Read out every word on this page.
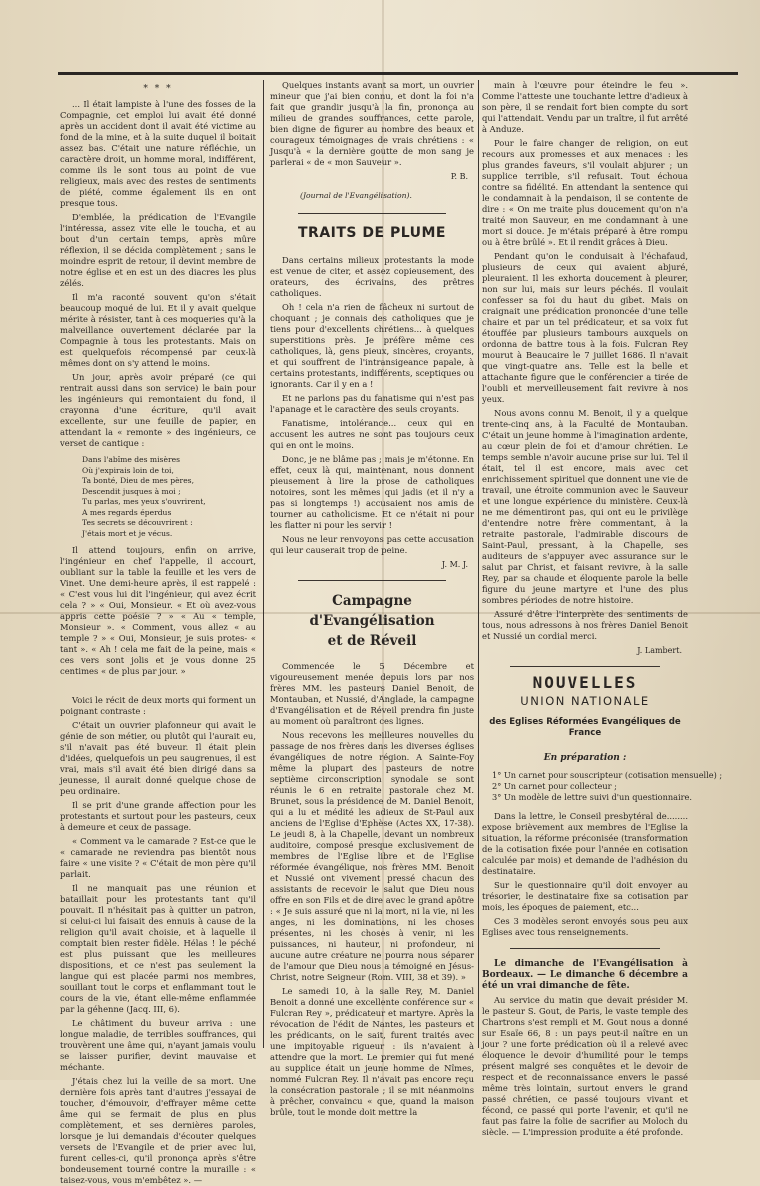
* * *

... Il était lampiste à l'une des fosses de la Compagnie, cet emploi lui avait été donné après un accident dont il avait été victime au fond de la mine, et à la suite duquel il boitait assez bas. C'était une nature réfléchie, un caractère droit, un homme moral, indifférent, comme ils le sont tous au point de vue religieux, mais avec des restes de sentiments de piété, comme également ils en ont presque tous.

D'emblée, la prédication de l'Evangile l'intéressa, assez vite elle le toucha, et au bout d'un certain temps, après mûre réflexion, il se décida complètement ; sans le moindre esprit de retour, il devint membre de notre église et en est un des diacres les plus zélés.

Il m'a raconté souvent qu'on s'était beaucoup moqué de lui. Et il y avait quelque mérite à résister, tant à ces moqueries qu'à la malveillance ouvertement déclarée par la Compagnie à tous les protestants. Mais on est quelquefois récompensé par ceux-là mêmes dont on s'y attend le moins.

Un jour, après avoir préparé (ce qui rentrait aussi dans son service) le bain pour les ingénieurs qui remontaient du fond, il crayonna d'une écriture, qu'il avait excellente, sur une feuille de papier, en attendant la « remonte » des ingénieurs, ce verset de cantique :

Dans l'abîme des misères
Où j'expirais loin de toi,
Ta bonté, Dieu de mes pères,
Descendit jusques à moi ;
Tu parlas, mes yeux s'ouvrirent,
A mes regards éperdus
Tes secrets se découvrirent :
J'étais mort et je vécus.

Il attend toujours, enfin on arrive, l'ingénieur en chef l'appelle, il accourt, oubliant sur la table la feuille et les vers de Vinet. Une demi-heure après, il est rappelé : « C'est vous lui dit l'ingénieur, qui avez écrit cela ? » « Oui, Monsieur. « Et où avez-vous appris cette poésie ? » « Au « temple, Monsieur ». « Comment, vous allez « au temple ? » « Oui, Monsieur, je suis protes- « tant ». « Ah ! cela me fait de la peine, mais « ces vers sont jolis et je vous donne 25 centimes « de plus par jour. »

Voici le récit de deux morts qui forment un poignant contraste :

C'était un ouvrier plafonneur qui avait le génie de son métier, ou plutôt qui l'aurait eu, s'il n'avait pas été buveur. Il était plein d'idées, quelquefois un peu saugrenues, il est vrai, mais s'il avait été bien dirigé dans sa jeunesse, il aurait donné quelque chose de peu ordinaire.

Il se prit d'une grande affection pour les protestants et surtout pour les pasteurs, ceux à demeure et ceux de passage.

« Comment va le camarade ? Est-ce que le « camarade ne reviendra pas bientôt nous faire « une visite ? « C'était de mon père qu'il parlait.

Il ne manquait pas une réunion et bataillait pour les protestants tant qu'il pouvait. Il n'hésitait pas à quitter un patron, si celui-ci lui faisait des ennuis à cause de la religion qu'il avait choisie, et à laquelle il comptait bien rester fidèle. Hélas ! le péché est plus puissant que les meilleures dispositions, et ce n'est pas seulement la langue qui est placée parmi nos membres, souillant tout le corps et enflammant tout le cours de la vie, étant elle-même enflammée par la géhenne (Jacq. III, 6).

Le châtiment du buveur arriva : une longue maladie, de terribles souffrances, qui trouvèrent une âme qui, n'ayant jamais voulu se laisser purifier, devint mauvaise et méchante.

J'étais chez lui la veille de sa mort. Une dernière fois après tant d'autres j'essayai de toucher, d'émouvoir, d'effrayer même cette âme qui se fermait de plus en plus complètement, et ses dernières paroles, lorsque je lui demandais d'écouter quelques versets de l'Evangile et de prier avec lui, furent celles-ci, qu'il prononça après s'être bondeusement tourné contre la muraille : « taisez-vous, vous m'embêtez ». —

Quelques instants avant sa mort, un ouvrier mineur que j'ai bien connu, et dont la foi n'a fait que grandir jusqu'à la fin, prononça au milieu de grandes souffrances, cette parole, bien digne de figurer au nombre des beaux et courageux témoignages de vrais chrétiens : « Jusqu'à « la dernière goutte de mon sang je parlerai « de « mon Sauveur ».

P. B.
(Journal de l'Evangélisation).
TRAITS DE PLUME

Dans certains milieux protestants la mode est venue de citer, et assez copieusement, des orateurs, des écrivains, des prêtres catholiques.

Oh ! cela n'a rien de fâcheux ni surtout de choquant ; je connais des catholiques que je tiens pour d'excellents chrétiens... à quelques superstitions près. Je préfère même ces catholiques, là, gens pieux, sincères, croyants, et qui souffrent de l'intransigeance papale, à certains protestants, indifférents, sceptiques ou ignorants. Car il y en a !

Et ne parlons pas du fanatisme qui n'est pas l'apanage et le caractère des seuls croyants.

Fanatisme, intolérance... ceux qui en accusent les autres ne sont pas toujours ceux qui en ont le moins.

Donc, je ne blâme pas ; mais je m'étonne. En effet, ceux là qui, maintenant, nous donnent pieusement à lire la prose de catholiques notoires, sont les mêmes qui jadis (et il n'y a pas si longtemps !) accusaient nos amis de tourner au catholicisme. Et ce n'était ni pour les flatter ni pour les servir !

Nous ne leur renvoyons pas cette accusation qui leur causerait trop de peine.

J. M. J.
Campagne d'Evangélisation
et de Réveil

Commencée le 5 Décembre et vigoureusement menée depuis lors par nos frères MM. les pasteurs Daniel Benoit, de Montauban, et Nussié, d'Anglade, la campagne d'Evangélisation et de Réveil prendra fin juste au moment où paraîtront ces lignes.

Nous recevons les meilleures nouvelles du passage de nos frères dans les diverses églises évangéliques de notre région. A Sainte-Foy même la plupart des pasteurs de notre septième circonscription synodale se sont réunis le 6 en retraite pastorale chez M. Brunet, sous la présidence de M. Daniel Benoit, qui a lu et médité les adieux de St-Paul aux anciens de l'Eglise d'Ephèse (Actes XX, 17-38). Le jeudi 8, à la Chapelle, devant un nombreux auditoire, composé presque exclusivement de membres de l'Eglise libre et de l'Eglise réformée évangélique, nos frères MM. Benoit et Nussié ont vivement pressé chacun des assistants de recevoir le salut que Dieu nous offre en son Fils et de dire avec le grand apôtre : « Je suis assuré que ni la mort, ni la vie, ni les anges, ni les dominations, ni les choses présentes, ni les choses à venir, ni les puissances, ni hauteur, ni profondeur, ni aucune autre créature ne pourra nous séparer de l'amour que Dieu nous a témoigné en Jésus-Christ, notre Seigneur (Rom. VIII, 38 et 39). »

Le samedi 10, à la salle Rey, M. Daniel Benoit a donné une excellente conférence sur « Fulcran Rey », prédicateur et martyre. Après la révocation de l'édit de Nantes, les pasteurs et les prédicants, on le sait, furent traités avec une impitoyable rigueur : ils n'avaient à attendre que la mort. Le premier qui fut mené au supplice était un jeune homme de Nîmes, nommé Fulcran Rey. Il n'avait pas encore reçu la consécration pastorale ; il se mit néanmoins à prêcher, convaincu « que, quand la maison brûle, tout le monde doit mettre la

main à l'œuvre pour éteindre le feu ». Comme l'atteste une touchante lettre d'adieux à son père, il se rendait fort bien compte du sort qui l'attendait. Vendu par un traître, il fut arrêté à Anduze.

Pour le faire changer de religion, on eut recours aux promesses et aux menaces : les plus grandes faveurs, s'il voulait abjurer ; un supplice terrible, s'il refusait. Tout échoua contre sa fidélité. En attendant la sentence qui le condamnait à la pendaison, il se contente de dire : « On me traite plus doucement qu'on n'a traité mon Sauveur, en me condamnant à une mort si douce. Je m'étais préparé à être rompu ou à être brûlé ». Et il rendit grâces à Dieu.

Pendant qu'on le conduisait à l'échafaud, plusieurs de ceux qui avaient abjuré, pleuraient. Il les exhorta doucement à pleurer, non sur lui, mais sur leurs péchés. Il voulait confesser sa foi du haut du gibet. Mais on craignait une prédication prononcée d'une telle chaire et par un tel prédicateur, et sa voix fut étouffée par plusieurs tambours auxquels on ordonna de battre tous à la fois. Fulcran Rey mourut à Beaucaire le 7 juillet 1686. Il n'avait que vingt-quatre ans. Telle est la belle et attachante figure que le conférencier a tirée de l'oubli et merveilleusement fait revivre à nos yeux.

Nous avons connu M. Benoit, il y a quelque trente-cinq ans, à la Faculté de Montauban. C'était un jeune homme à l'imagination ardente, au cœur plein de foi et d'amour chrétien. Le temps semble n'avoir aucune prise sur lui. Tel il était, tel il est encore, mais avec cet enrichissement spirituel que donnent une vie de travail, une étroite communion avec le Sauveur et une longue expérience du ministère. Ceux-là ne me démentiront pas, qui ont eu le privilège d'entendre notre frère commentant, à la retraite pastorale, l'admirable discours de Saint-Paul, pressant, à la Chapelle, ses auditeurs de s'appuyer avec assurance sur le salut par Christ, et faisant revivre, à la salle Rey, par sa chaude et éloquente parole la belle figure du jeune martyre et l'une des plus sombres périodes de notre histoire.

Assuré d'être l'interprète des sentiments de tous, nous adressons à nos frères Daniel Benoit et Nussié un cordial merci.

J. Lambert.
NOUVELLES
UNION NATIONALE
des Eglises Réformées Evangéliques de France
En préparation :
1° Un carnet pour souscripteur (cotisation mensuelle) ;
2° Un carnet pour collecteur ;
3° Un modèle de lettre suivi d'un questionnaire.

Dans la lettre, le Conseil presbytéral de........ expose brièvement aux membres de l'Eglise la situation, la réforme préconisée (transformation de la cotisation fixée pour l'année en cotisation calculée par mois) et demande de l'adhésion du destinataire.

Sur le questionnaire qu'il doit envoyer au trésorier, le destinataire fixe sa cotisation par mois, les époques de paiement, etc...

Ces 3 modèles seront envoyés sous peu aux Eglises avec tous renseignements.

Le dimanche de l'Evangélisation à Bordeaux. — Le dimanche 6 décembre a été un vrai dimanche de fête.

Au service du matin que devait présider M. le pasteur S. Gout, de Paris, le vaste temple des Chartrons s'est rempli et M. Gout nous a donné sur Esaïe 66, 8 : un pays peut-il naître en un jour ? une forte prédication où il a relevé avec éloquence le devoir d'humilité pour le temps présent malgré ses conquêtes et le devoir de respect et de reconnaissance envers le passé même très lointain, surtout envers le grand passé chrétien, ce passé toujours vivant et fécond, ce passé qui porte l'avenir, et qu'il ne faut pas faire la folie de sacrifier au Moloch du siècle. — L'impression produite a été profonde.
